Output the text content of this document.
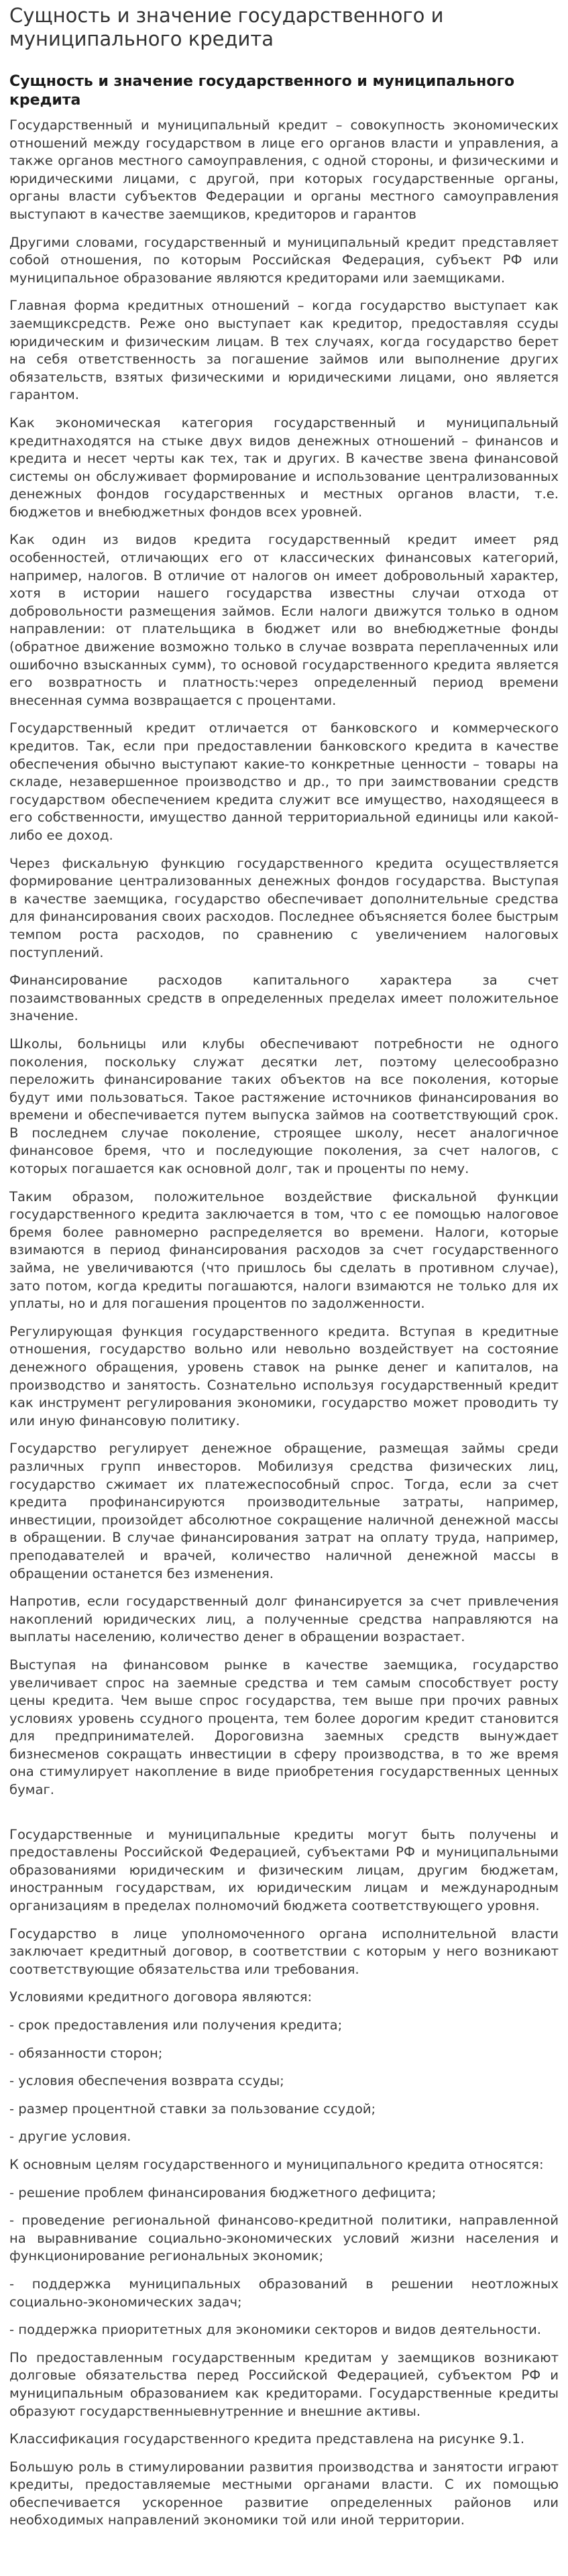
Сущность и значение государственного и муниципального кредита
Сущность и значение государственного и муниципального кредита

Государственный и муниципальный кредит – совокупность экономических отношений между государством в лице его органов власти и управления, а также органов местного самоуправления, с одной стороны, и физическими и юридическими лицами, с другой, при которых государственные органы, органы власти субъектов Федерации и органы местного самоуправления выступают в качестве заемщиков, кредиторов и гарантов

Другими словами, государственный и муниципальный кредит представляет собой отношения, по которым Российская Федерация, субъект РФ или муниципальное образование являются кредиторами или заемщиками.

Главная форма кредитных отношений – когда государство выступает как заемщиксредств. Реже оно выступает как кредитор, предоставляя ссуды юридическим и физическим лицам. В тех случаях, когда государство берет на себя ответственность за погашение займов или выполнение других обязательств, взятых физическими и юридическими лицами, оно является гарантом.

Как экономическая категория государственный и муниципальный кредитнаходятся на стыке двух видов денежных отношений – финансов и кредита и несет черты как тех, так и других. В качестве звена финансовой системы он обслуживает формирование и использование централизованных денежных фондов государственных и местных органов власти, т.е. бюджетов и внебюджетных фондов всех уровней.

Как один из видов кредита государственный кредит имеет ряд особенностей, отличающих его от классических финансовых категорий, например, налогов. В отличие от налогов он имеет добровольный характер, хотя в истории нашего государства известны случаи отхода от добровольности размещения займов. Если налоги движутся только в одном направлении: от плательщика в бюджет или во внебюджетные фонды (обратное движение возможно только в случае возврата переплаченных или ошибочно взысканных сумм), то основой государственного кредита является его возвратность и платность:через определенный период времени внесенная сумма возвращается с процентами.

Государственный кредит отличается от банковского и коммерческого кредитов. Так, если при предоставлении банковского кредита в качестве обеспечения обычно выступают какие-то конкретные ценности – товары на складе, незавершенное производство и др., то при заимствовании средств государством обеспечением кредита служит все имущество, находящееся в его собственности, имущество данной территориальной единицы или какой-либо ее доход.

Через фискальную функцию государственного кредита осуществляется формирование централизованных денежных фондов государства. Выступая в качестве заемщика, государство обеспечивает дополнительные средства для финансирования своих расходов. Последнее объясняется более быстрым темпом роста расходов, по сравнению с увеличением налоговых поступлений.

Финансирование расходов капитального характера за счет позаимствованных средств в определенных пределах имеет положительное значение.

Школы, больницы или клубы обеспечивают потребности не одного поколения, поскольку служат десятки лет, поэтому целесообразно переложить финансирование таких объектов на все поколения, которые будут ими пользоваться. Такое растяжение источников финансирования во времени и обеспечивается путем выпуска займов на соответствующий срок. В последнем случае поколение, строящее школу, несет аналогичное финансовое бремя, что и последующие поколения, за счет налогов, с которых погашается как основной долг, так и проценты по нему.

Таким образом, положительное воздействие фискальной функции государственного кредита заключается в том, что с ее помощью налоговое бремя более равномерно распределяется во времени. Налоги, которые взимаются в период финансирования расходов за счет государственного займа, не увеличиваются (что пришлось бы сделать в противном случае), зато потом, когда кредиты погашаются, налоги взимаются не только для их уплаты, но и для погашения процентов по задолженности.

Регулирующая функция государственного кредита. Вступая в кредитные отношения, государство вольно или невольно воздействует на состояние денежного обращения, уровень ставок на рынке денег и капиталов, на производство и занятость. Сознательно используя государственный кредит как инструмент регулирования экономики, государство может проводить ту или иную финансовую политику.

Государство регулирует денежное обращение, размещая займы среди различных групп инвесторов. Мобилизуя средства физических лиц, государство сжимает их платежеспособный спрос. Тогда, если за счет кредита профинансируются производительные затраты, например, инвестиции, произойдет абсолютное сокращение наличной денежной массы в обращении. В случае финансирования затрат на оплату труда, например, преподавателей и врачей, количество наличной денежной массы в обращении останется без изменения.

Напротив, если государственный долг финансируется за счет привлечения накоплений юридических лиц, а полученные средства направляются на выплаты населению, количество денег в обращении возрастает.

Выступая на финансовом рынке в качестве заемщика, государство увеличивает спрос на заемные средства и тем самым способствует росту цены кредита. Чем выше спрос государства, тем выше при прочих равных условиях уровень ссудного процента, тем более дорогим кредит становится для предпринимателей. Дороговизна заемных средств вынуждает бизнесменов сокращать инвестиции в сферу производства, в то же время она стимулирует накопление в виде приобретения государственных ценных бумаг.

Государственные и муниципальные кредиты могут быть получены и предоставлены Российской Федерацией, субъектами РФ и муниципальными образованиями юридическим и физическим лицам, другим бюджетам, иностранным государствам, их юридическим лицам и международным организациям в пределах полномочий бюджета соответствующего уровня.

Государство в лице уполномоченного органа исполнительной власти заключает кредитный договор, в соответствии с которым у него возникают соответствующие обязательства или требования.

Условиями кредитного договора являются:

- срок предоставления или получения кредита;

- обязанности сторон;

- условия обеспечения возврата ссуды;

- размер процентной ставки за пользование ссудой;

- другие условия.

К основным целям государственного и муниципального кредита относятся:

- решение проблем финансирования бюджетного дефицита;

- проведение региональной финансово-кредитной политики, направленной на выравнивание социально-экономических условий жизни населения и функционирование региональных экономик;

- поддержка муниципальных образований в решении неотложных социально-экономических задач;

- поддержка приоритетных для экономики секторов и видов деятельности.

По предоставленным государственным кредитам у заемщиков возникают долговые обязательства перед Российской Федерацией, субъектом РФ и муниципальным образованием как кредиторами. Государственные кредиты образуют государственныевнутренние и внешние активы.

Классификация государственного кредита представлена на рисунке 9.1.

Большую роль в стимулировании развития производства и занятости играют кредиты, предоставляемые местными органами власти. С их помощью обеспечивается ускоренное развитие определенных районов или необходимых направлений экономики той или иной территории.
